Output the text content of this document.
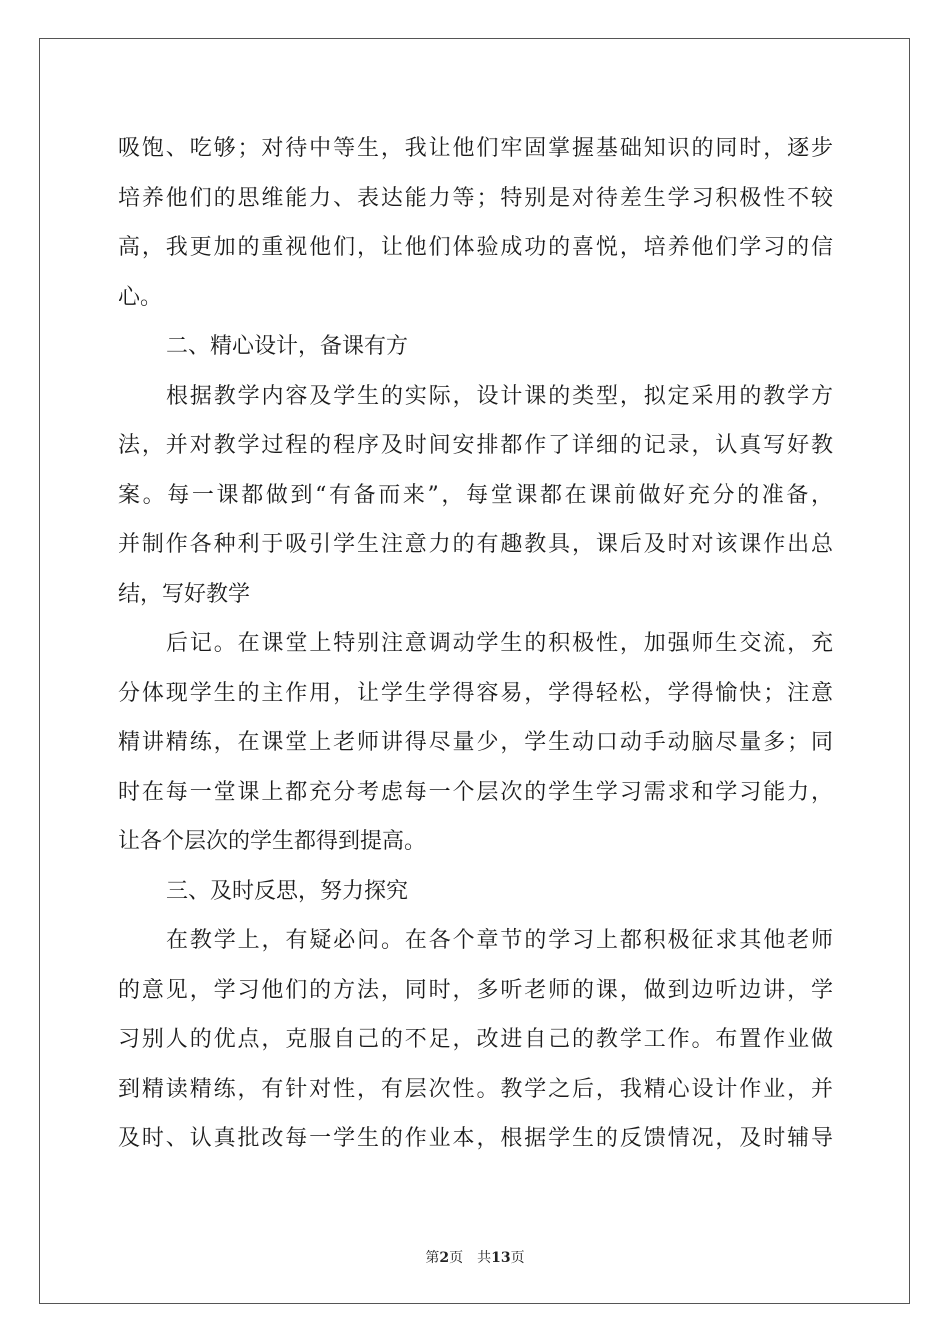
吸饱、吃够；对待中等生，我让他们牢固掌握基础知识的同时，逐步
培养他们的思维能力、表达能力等；特别是对待差生学习积极性不较
高，我更加的重视他们，让他们体验成功的喜悦，培养他们学习的信
心。
二、精心设计，备课有方
根据教学内容及学生的实际，设计课的类型，拟定采用的教学方
法，并对教学过程的程序及时间安排都作了详细的记录，认真写好教
案。每一课都做到“有备而来”，每堂课都在课前做好充分的准备，
并制作各种利于吸引学生注意力的有趣教具，课后及时对该课作出总
结，写好教学
后记。在课堂上特别注意调动学生的积极性，加强师生交流，充
分体现学生的主作用，让学生学得容易，学得轻松，学得愉快；注意
精讲精练，在课堂上老师讲得尽量少，学生动口动手动脑尽量多；同
时在每一堂课上都充分考虑每一个层次的学生学习需求和学习能力，
让各个层次的学生都得到提高。
三、及时反思，努力探究
在教学上，有疑必问。在各个章节的学习上都积极征求其他老师
的意见，学习他们的方法，同时，多听老师的课，做到边听边讲，学
习别人的优点，克服自己的不足，改进自己的教学工作。布置作业做
到精读精练，有针对性，有层次性。教学之后，我精心设计作业，并
及时、认真批改每一学生的作业本，根据学生的反馈情况，及时辅导
第2页 共13页
